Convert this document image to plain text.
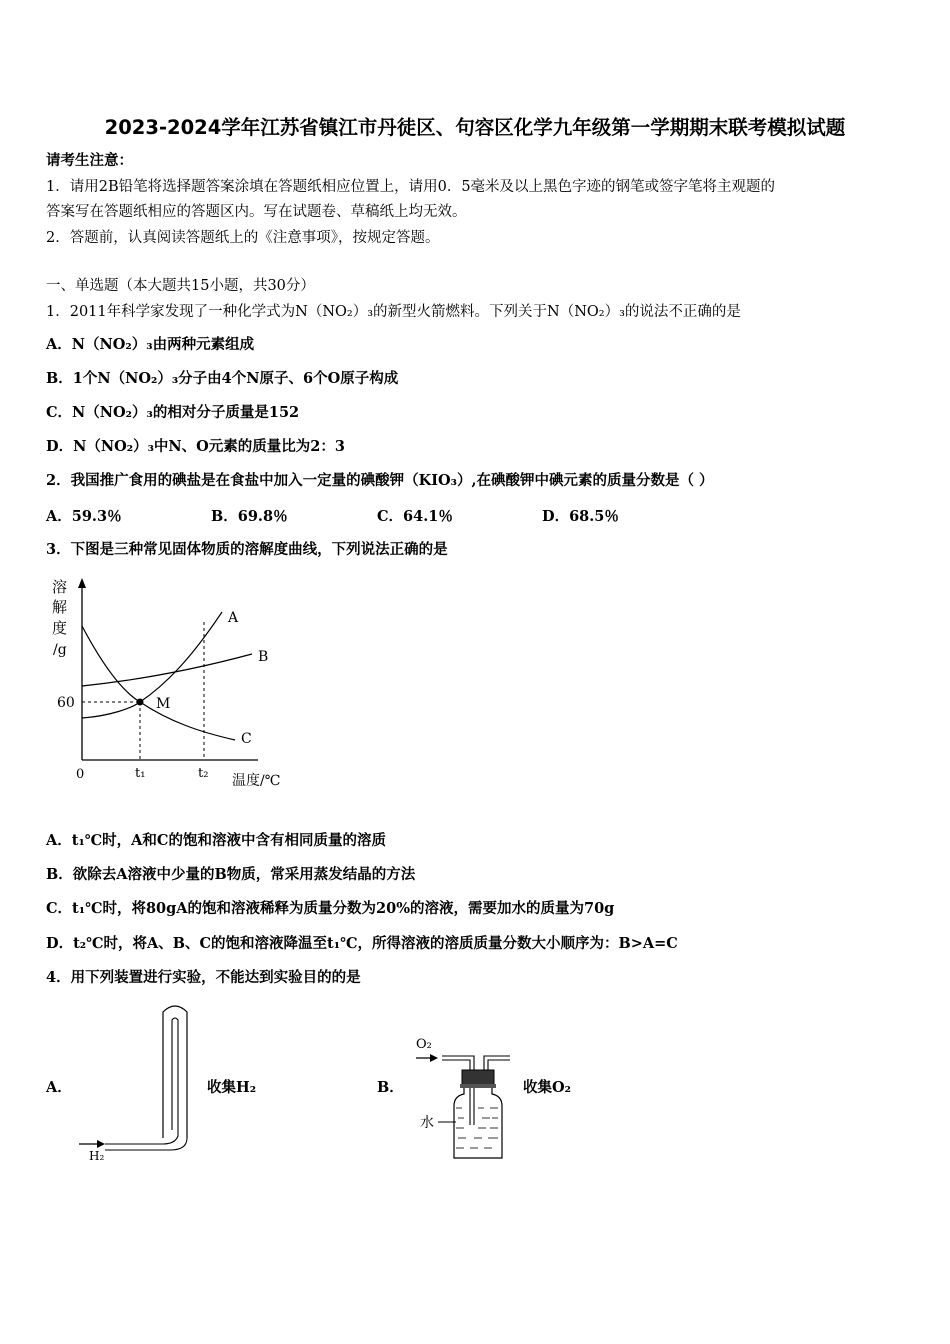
2023-2024学年江苏省镇江市丹徒区、句容区化学九年级第一学期期末联考模拟试题
请考生注意：
1．请用2B铅笔将选择题答案涂填在答题纸相应位置上，请用0．5毫米及以上黑色字迹的钢笔或签字笔将主观题的
答案写在答题纸相应的答题区内。写在试题卷、草稿纸上均无效。
2．答题前，认真阅读答题纸上的《注意事项》，按规定答题。
一、单选题（本大题共15小题，共30分）
1．2011年科学家发现了一种化学式为N（NO₂）₃的新型火箭燃料。下列关于N（NO₂）₃的说法不正确的是
A．N（NO₂）₃由两种元素组成
B．1个N（NO₂）₃分子由4个N原子、6个O原子构成
C．N（NO₂）₃的相对分子质量是152
D．N（NO₂）₃中N、O元素的质量比为2：3
2．我国推广食用的碘盐是在食盐中加入一定量的碘酸钾（KIO₃）,在碘酸钾中碘元素的质量分数是（ ）
A．59.3％	B．69.8％	C．64.1％	D．68.5％
3．下图是三种常见固体物质的溶解度曲线，下列说法正确的是
溶
解
度
/g
60
0	t₁	t₂ 温度/℃
M
A
B
C
A．t₁℃时，A和C的饱和溶液中含有相同质量的溶质
B．欲除去A溶液中少量的B物质，常采用蒸发结晶的方法
C．t₁℃时，将80gA的饱和溶液稀释为质量分数为20%的溶液，需要加水的质量为70g
D．t₂℃时，将A、B、C的饱和溶液降温至t₁℃，所得溶液的溶质质量分数大小顺序为：B>A=C
4．用下列装置进行实验，不能达到实验目的的是
A．
H₂
收集H₂	B．
O₂
水
收集O₂
